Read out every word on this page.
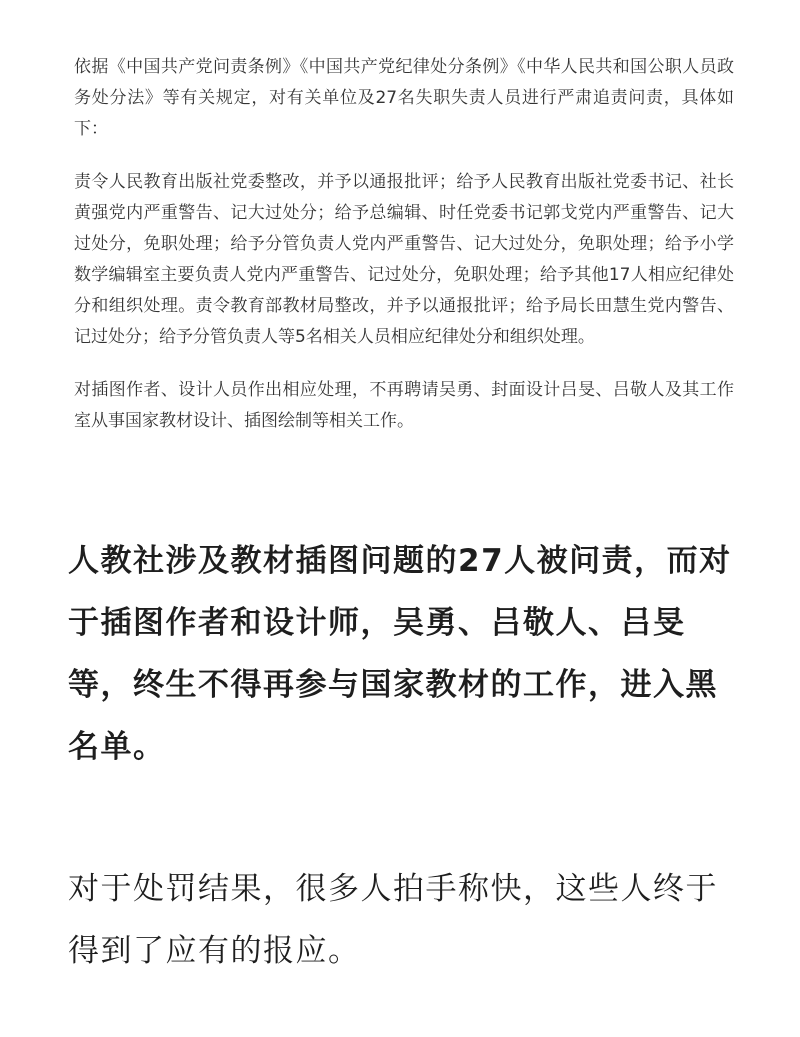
依据《中国共产党问责条例》《中国共产党纪律处分条例》《中华人民共和国公职人员政务处分法》等有关规定，对有关单位及27名失职失责人员进行严肃追责问责，具体如下：

责令人民教育出版社党委整改，并予以通报批评；给予人民教育出版社党委书记、社长黄强党内严重警告、记大过处分；给予总编辑、时任党委书记郭戈党内严重警告、记大过处分，免职处理；给予分管负责人党内严重警告、记大过处分，免职处理；给予小学数学编辑室主要负责人党内严重警告、记过处分，免职处理；给予其他17人相应纪律处分和组织处理。责令教育部教材局整改，并予以通报批评；给予局长田慧生党内警告、记过处分；给予分管负责人等5名相关人员相应纪律处分和组织处理。

对插图作者、设计人员作出相应处理，不再聘请吴勇、封面设计吕旻、吕敬人及其工作室从事国家教材设计、插图绘制等相关工作。

人教社涉及教材插图问题的27人被问责，而对于插图作者和设计师，吴勇、吕敬人、吕旻等，终生不得再参与国家教材的工作，进入黑名单。

对于处罚结果，很多人拍手称快，这些人终于得到了应有的报应。
